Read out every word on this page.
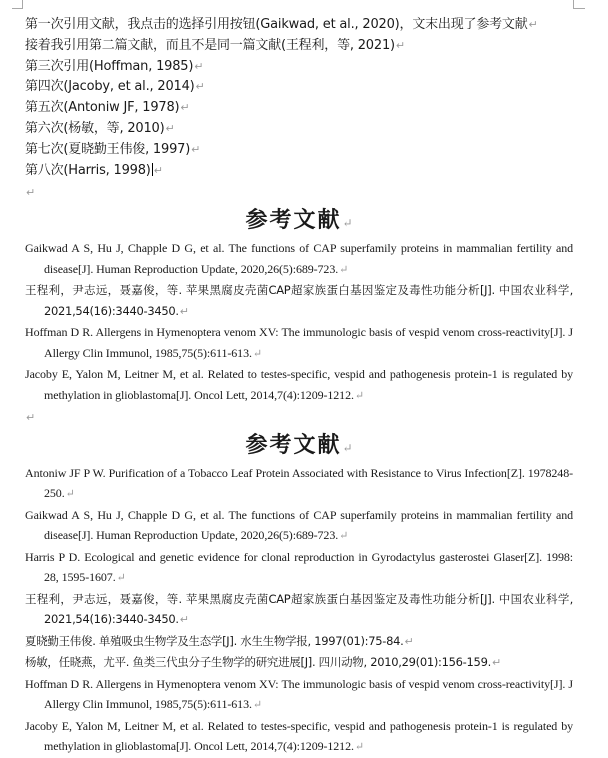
第一次引用文献，我点击的选择引用按钮(Gaikwad, et al., 2020)，文末出现了参考文献↵
接着我引用第二篇文献，而且不是同一篇文献(王程利，等, 2021)↵
第三次引用(Hoffman, 1985)↵
第四次(Jacoby, et al., 2014)↵
第五次(Antoniw JF, 1978)↵
第六次(杨敏，等, 2010)↵
第七次(夏晓勤王伟俊, 1997)↵
第八次(Harris, 1998) ↵
↵
参考文献↵
Gaikwad A S, Hu J, Chapple D G, et al. The functions of CAP superfamily proteins in mammalian fertility and disease[J]. Human Reproduction Update, 2020,26(5):689-723.↵
王程利，尹志远，聂嘉俊，等. 苹果黑腐皮壳菌CAP超家族蛋白基因鉴定及毒性功能分析[J]. 中国农业科学, 2021,54(16):3440-3450.↵
Hoffman D R. Allergens in Hymenoptera venom XV: The immunologic basis of vespid venom cross-reactivity[J]. J Allergy Clin Immunol, 1985,75(5):611-613.↵
Jacoby E, Yalon M, Leitner M, et al. Related to testes-specific, vespid and pathogenesis protein-1 is regulated by methylation in glioblastoma[J]. Oncol Lett, 2014,7(4):1209-1212.↵
↵
参考文献↵
Antoniw JF P W. Purification of a Tobacco Leaf Protein Associated with Resistance to Virus Infection[Z]. 1978248-250.↵
Gaikwad A S, Hu J, Chapple D G, et al. The functions of CAP superfamily proteins in mammalian fertility and disease[J]. Human Reproduction Update, 2020,26(5):689-723.↵
Harris P D. Ecological and genetic evidence for clonal reproduction in Gyrodactylus gasterostei Glaser[Z]. 1998: 28, 1595-1607.↵
王程利，尹志远，聂嘉俊，等. 苹果黑腐皮壳菌CAP超家族蛋白基因鉴定及毒性功能分析[J]. 中国农业科学, 2021,54(16):3440-3450.↵
夏晓勤王伟俊. 单殖吸虫生物学及生态学[J]. 水生生物学报, 1997(01):75-84.↵
杨敏，任晓燕，尤平. 鱼类三代虫分子生物学的研究进展[J]. 四川动物, 2010,29(01):156-159.↵
Hoffman D R. Allergens in Hymenoptera venom XV: The immunologic basis of vespid venom cross-reactivity[J]. J Allergy Clin Immunol, 1985,75(5):611-613.↵
Jacoby E, Yalon M, Leitner M, et al. Related to testes-specific, vespid and pathogenesis protein-1 is regulated by methylation in glioblastoma[J]. Oncol Lett, 2014,7(4):1209-1212.↵
